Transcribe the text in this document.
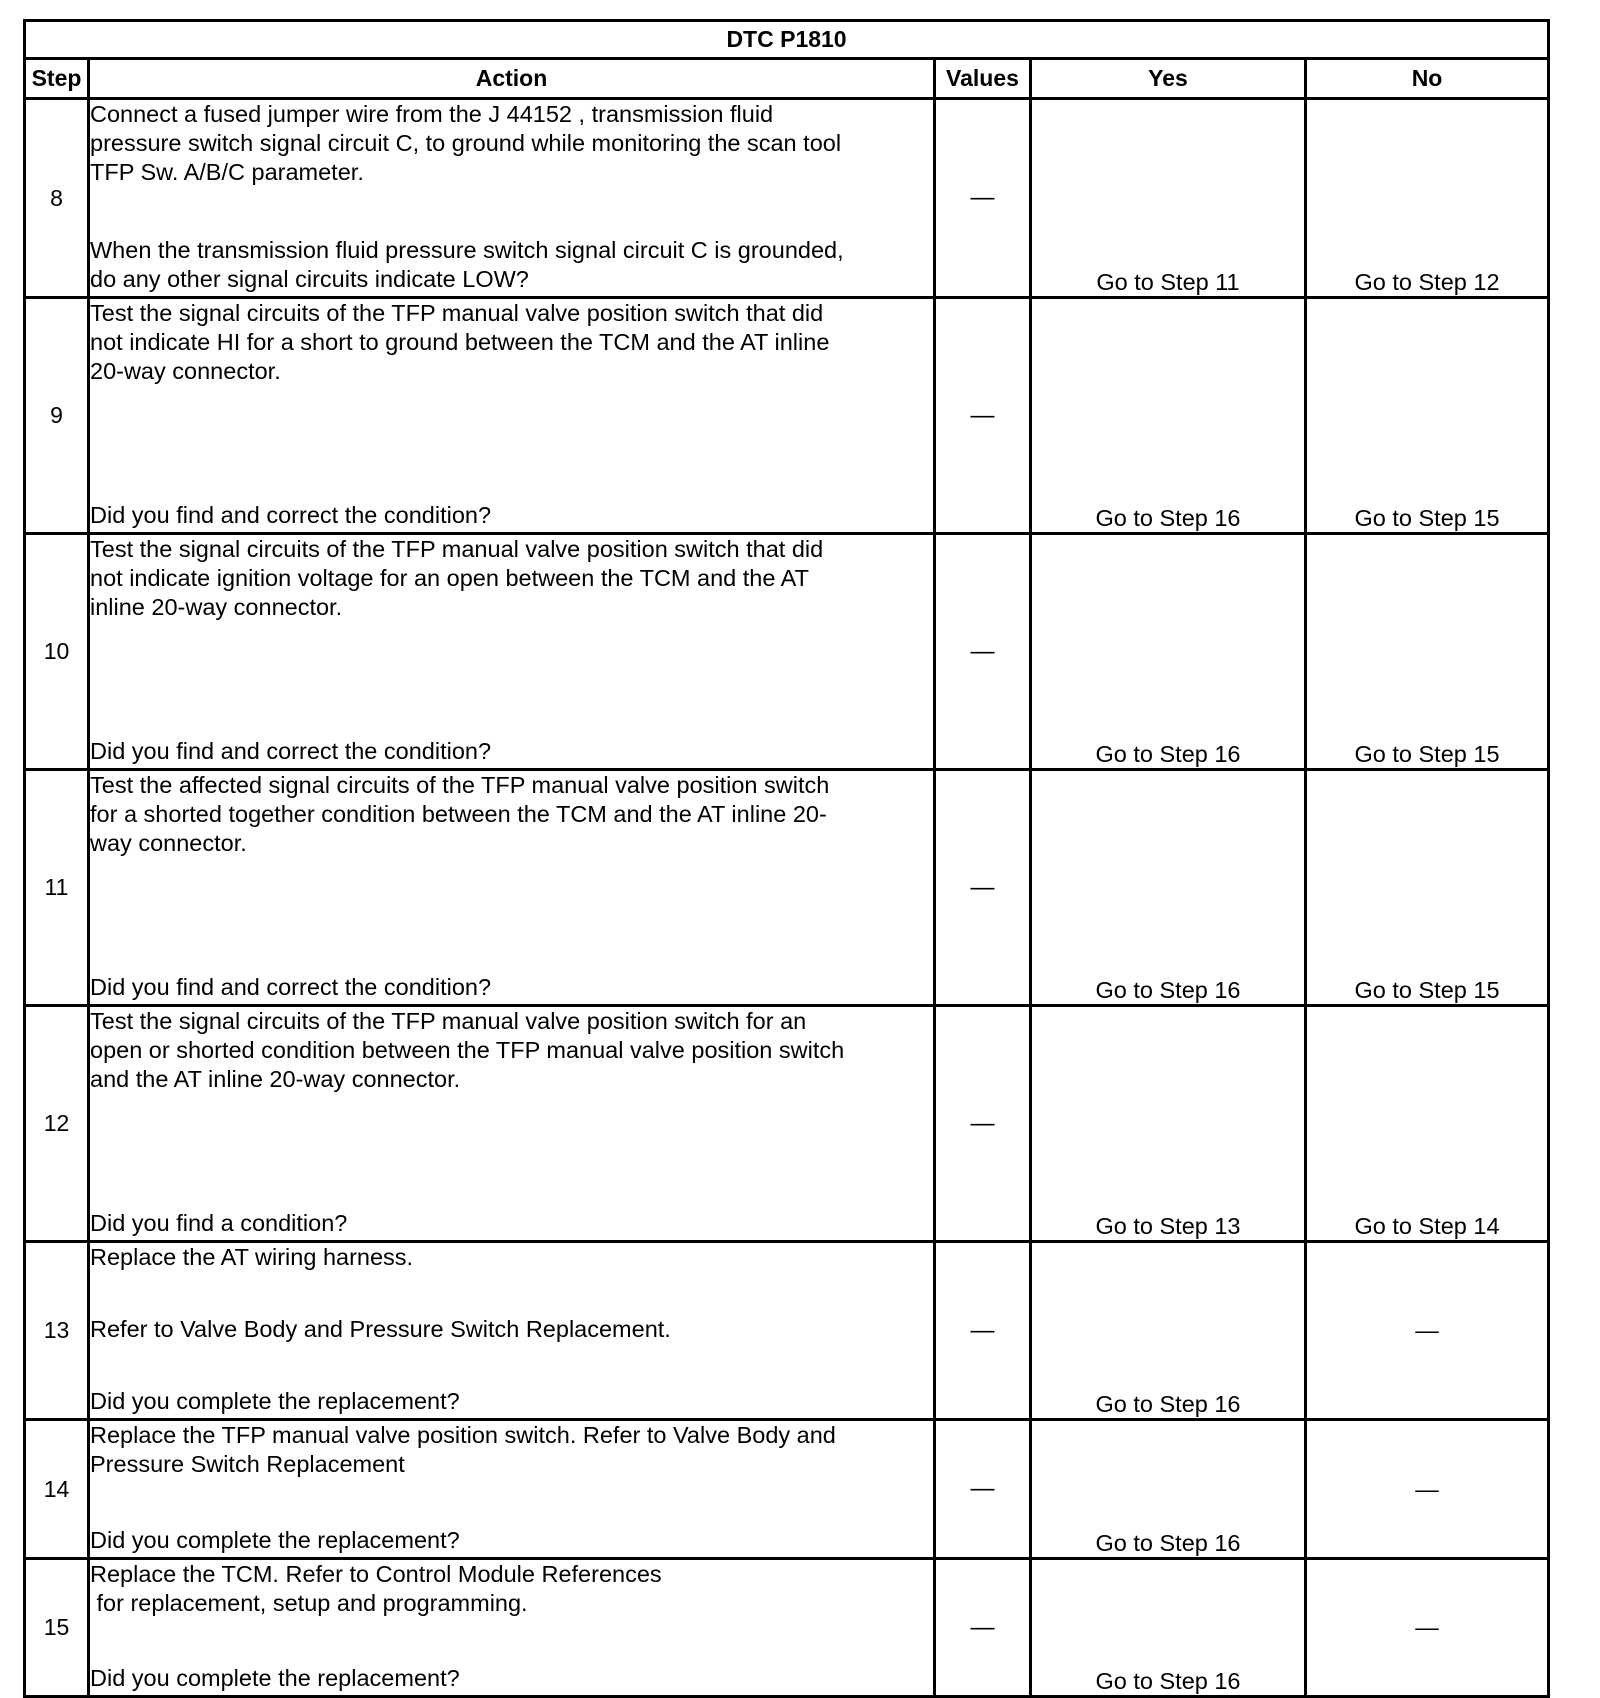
DTC P1810				
Step	Action	Values	Yes	No
8	Connect a fused jumper wire from the J 44152 , transmission fluid
pressure switch signal circuit C, to ground while monitoring the scan tool
TFP Sw. A/B/C parameter.
When the transmission fluid pressure switch signal circuit C is grounded,
do any other signal circuits indicate LOW?	—	Go to Step 11	Go to Step 12
9	Test the signal circuits of the TFP manual valve position switch that did
not indicate HI for a short to ground between the TCM and the AT inline
20-way connector.
Did you find and correct the condition?	—	Go to Step 16	Go to Step 15
10	Test the signal circuits of the TFP manual valve position switch that did
not indicate ignition voltage for an open between the TCM and the AT
inline 20-way connector.
Did you find and correct the condition?	—	Go to Step 16	Go to Step 15
11	Test the affected signal circuits of the TFP manual valve position switch
for a shorted together condition between the TCM and the AT inline 20-
way connector.
Did you find and correct the condition?	—	Go to Step 16	Go to Step 15
12	Test the signal circuits of the TFP manual valve position switch for an
open or shorted condition between the TFP manual valve position switch
and the AT inline 20-way connector.
Did you find a condition?	—	Go to Step 13	Go to Step 14
13	Replace the AT wiring harness.
Refer to Valve Body and Pressure Switch Replacement.
Did you complete the replacement?	—	Go to Step 16	—
14	Replace the TFP manual valve position switch. Refer to Valve Body and
Pressure Switch Replacement
Did you complete the replacement?	—	Go to Step 16	—
15	Replace the TCM. Refer to Control Module References
for replacement, setup and programming.
Did you complete the replacement?	—	Go to Step 16	—
